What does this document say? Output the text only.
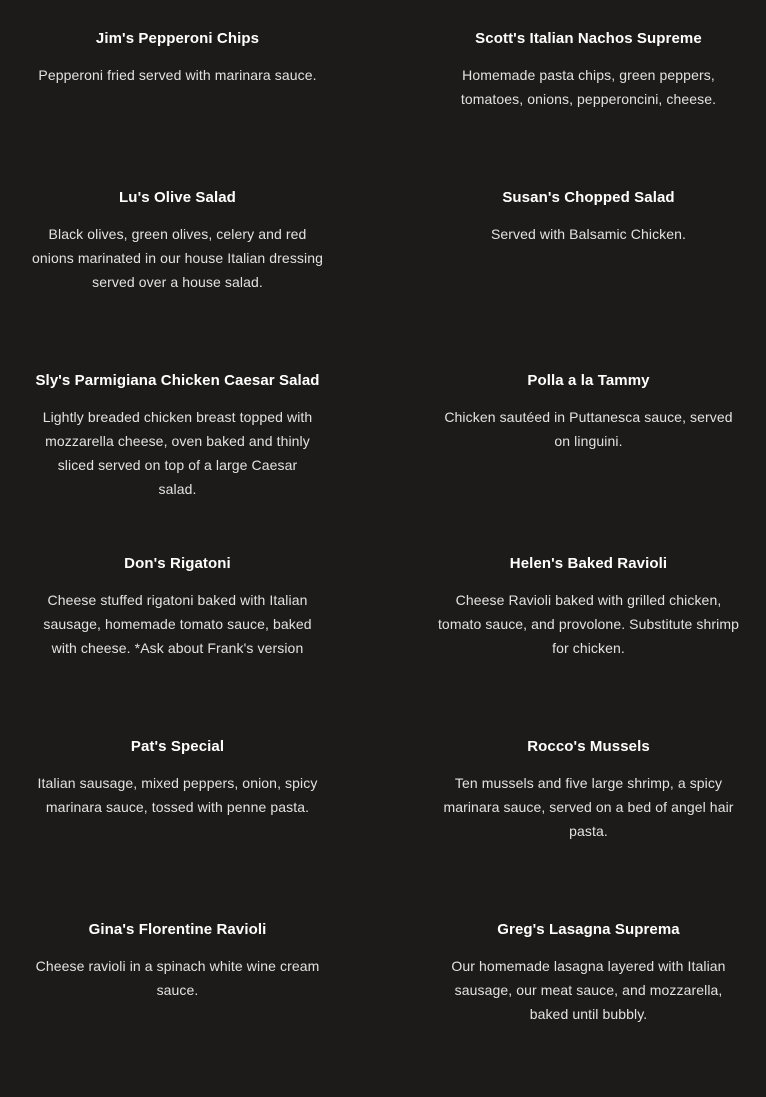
Jim's Pepperoni Chips

Pepperoni fried served with marinara sauce.

Scott's Italian Nachos Supreme

Homemade pasta chips, green peppers, tomatoes, onions, pepperoncini, cheese.

Lu's Olive Salad

Black olives, green olives, celery and red onions marinated in our house Italian dressing served over a house salad.

Susan's Chopped Salad

Served with Balsamic Chicken.

Sly's Parmigiana Chicken Caesar Salad

Lightly breaded chicken breast topped with mozzarella cheese, oven baked and thinly sliced served on top of a large Caesar salad.

Polla a la Tammy

Chicken sautéed in Puttanesca sauce, served on linguini.

Don's Rigatoni

Cheese stuffed rigatoni baked with Italian sausage, homemade tomato sauce, baked with cheese. *Ask about Frank's version

Helen's Baked Ravioli

Cheese Ravioli baked with grilled chicken, tomato sauce, and provolone. Substitute shrimp for chicken.

Pat's Special

Italian sausage, mixed peppers, onion, spicy marinara sauce, tossed with penne pasta.

Rocco's Mussels

Ten mussels and five large shrimp, a spicy marinara sauce, served on a bed of angel hair pasta.

Gina's Florentine Ravioli

Cheese ravioli in a spinach white wine cream sauce.

Greg's Lasagna Suprema

Our homemade lasagna layered with Italian sausage, our meat sauce, and mozzarella, baked until bubbly.
